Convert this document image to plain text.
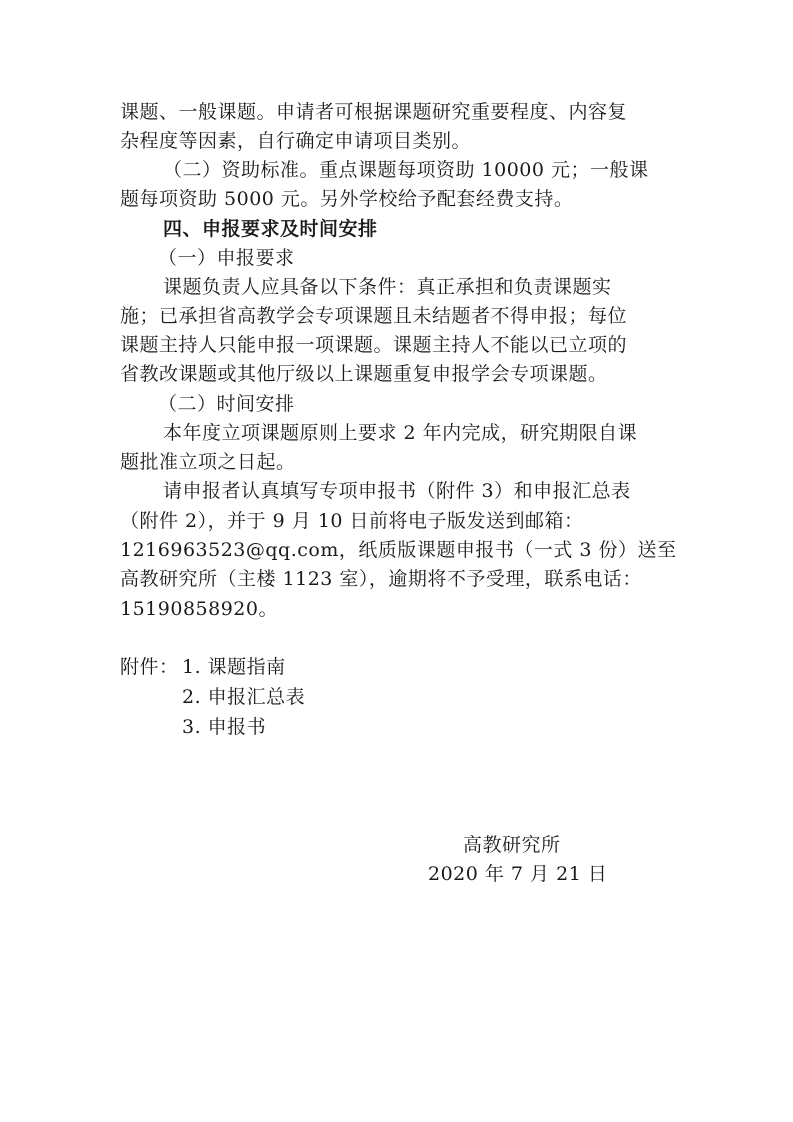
课题、一般课题。申请者可根据课题研究重要程度、内容复
杂程度等因素，自行确定申请项目类别。
（二）资助标准。重点课题每项资助 10000 元；一般课
题每项资助 5000 元。另外学校给予配套经费支持。
四、申报要求及时间安排
（一）申报要求
课题负责人应具备以下条件：真正承担和负责课题实
施；已承担省高教学会专项课题且未结题者不得申报；每位
课题主持人只能申报一项课题。课题主持人不能以已立项的
省教改课题或其他厅级以上课题重复申报学会专项课题。
（二）时间安排
本年度立项课题原则上要求 2 年内完成，研究期限自课
题批准立项之日起。
请申报者认真填写专项申报书（附件 3）和申报汇总表
（附件 2），并于 9 月 10 日前将电子版发送到邮箱：
1216963523@qq.com，纸质版课题申报书（一式 3 份）送至
高教研究所（主楼 1123 室），逾期将不予受理，联系电话：
15190858920。
附件： 1. 课题指南
2. 申报汇总表
3. 申报书
高教研究所
2020 年 7 月 21 日
